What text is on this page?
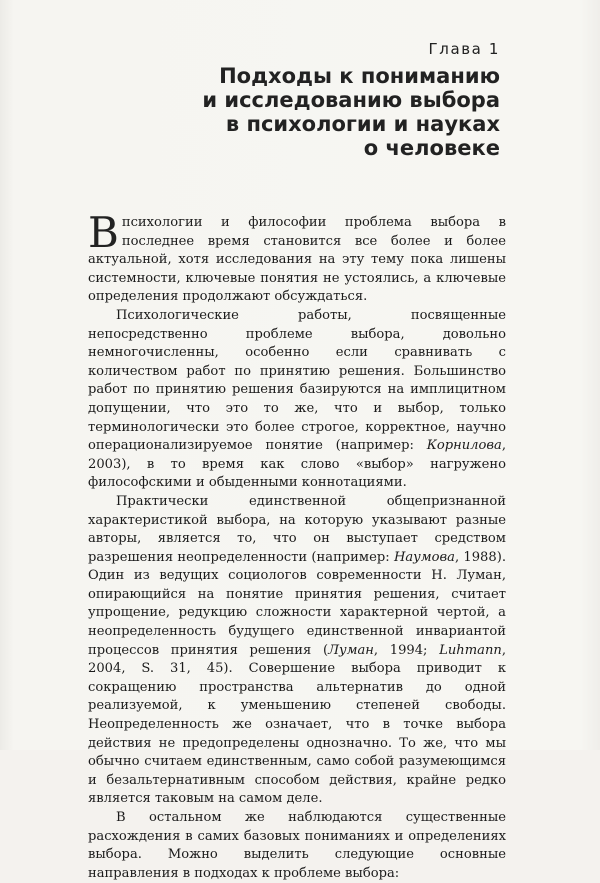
Глава 1
Подходы к пониманию
и исследованию выбора
в психологии и науках
о человеке

Впсихологии и философии проблема выбора в последнее время становится все более и более актуальной, хотя исследования на эту тему пока лишены системности, ключевые понятия не устоялись, а ключевые определения продолжают обсуждаться.

Психологические работы, посвященные непосредственно проблеме выбора, довольно немногочисленны, особенно если сравнивать с количеством работ по принятию решения. Большинство работ по принятию решения базируются на имплицитном допущении, что это то же, что и выбор, только терминологически это более строгое, корректное, научно операционализируемое понятие (например: Корнилова, 2003), в то время как слово «выбор» нагружено философскими и обыденными коннотациями.

Практически единственной общепризнанной характеристикой выбора, на которую указывают разные авторы, является то, что он выступает средством разрешения неопределенности (например: Наумова, 1988). Один из ведущих социологов современности Н. Луман, опирающийся на понятие принятия решения, считает упрощение, редукцию сложности характерной чертой, а неопределенность будущего единственной инвариантой процессов принятия решения (Луман, 1994; Luhmann, 2004, S. 31, 45). Совершение выбора приводит к сокращению пространства альтернатив до одной реализуемой, к уменьшению степеней свободы. Неопределенность же означает, что в точке выбора действия не предопределены однозначно. То же, что мы обычно считаем единственным, само собой разумеющимся и безальтернативным способом действия, крайне редко является таковым на самом деле.

В остальном же наблюдаются существенные расхождения в самих базовых пониманиях и определениях выбора. Можно выделить следующие основные направления в подходах к проблеме выбора:
